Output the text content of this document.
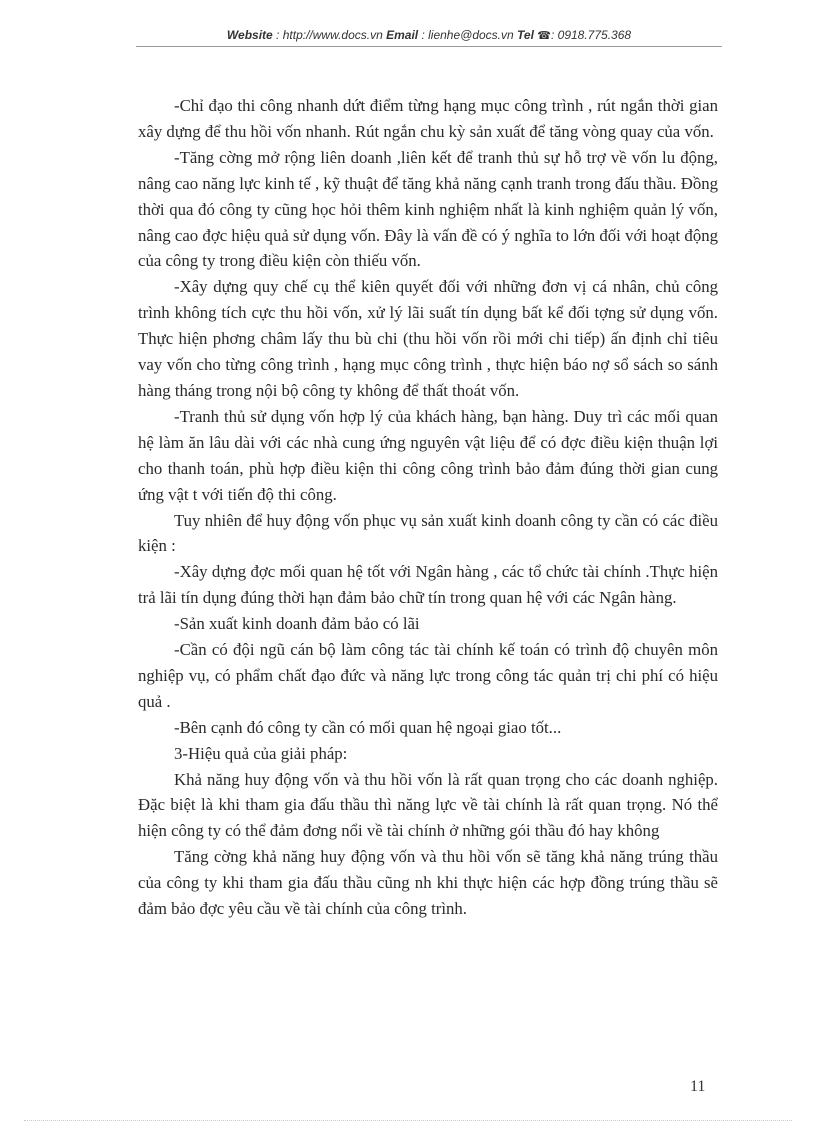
Website : http://www.docs.vn Email : lienhe@docs.vn Tel ☎: 0918.775.368

-Chỉ đạo thi công nhanh dứt điểm từng hạng mục công trình , rút ngắn thời gian xây dựng để thu hồi vốn nhanh. Rút ngắn chu kỳ sản xuất để tăng vòng quay của vốn.

-Tăng cờng mở rộng liên doanh ,liên kết để tranh thủ sự hỗ trợ về vốn lu động, nâng cao năng lực kinh tế , kỹ thuật để tăng khả năng cạnh tranh trong đấu thầu. Đồng thời qua đó công ty cũng học hỏi thêm kinh nghiệm nhất là kinh nghiệm quản lý vốn, nâng cao đợc hiệu quả sử dụng vốn. Đây là vấn đề có ý nghĩa to lớn đối với hoạt động của công ty trong điều kiện còn thiếu vốn.

-Xây dựng quy chế cụ thể kiên quyết đối với những đơn vị cá nhân, chủ công trình không tích cực thu hồi vốn, xử lý lãi suất tín dụng bất kể đối tợng sử dụng vốn. Thực hiện phơng châm lấy thu bù chi (thu hồi vốn rồi mới chi tiếp) ấn định chỉ tiêu vay vốn cho từng công trình , hạng mục công trình , thực hiện báo nợ sổ sách so sánh hàng tháng trong nội bộ công ty không để thất thoát vốn.

-Tranh thủ sử dụng vốn hợp lý của khách hàng, bạn hàng. Duy trì các mối quan hệ làm ăn lâu dài với các nhà cung ứng nguyên vật liệu để có đợc điều kiện thuận lợi cho thanh toán, phù hợp điều kiện thi công công trình bảo đảm đúng thời gian cung ứng vật t với tiến độ thi công.

Tuy nhiên để huy động vốn phục vụ sản xuất kinh doanh công ty cần có các điều kiện :

-Xây dựng đợc mối quan hệ tốt với Ngân hàng , các tổ chức tài chính .Thực hiện trả lãi tín dụng đúng thời hạn đảm bảo chữ tín trong quan hệ với các Ngân hàng.

-Sản xuất kinh doanh đảm bảo có lãi

-Cần có đội ngũ cán bộ làm công tác tài chính kế toán có trình độ chuyên môn nghiệp vụ, có phẩm chất đạo đức và năng lực trong công tác quản trị chi phí có hiệu quả .

-Bên cạnh đó công ty cần có mối quan hệ ngoại giao tốt...

3-Hiệu quả của giải pháp:

Khả năng huy động vốn và thu hồi vốn là rất quan trọng cho các doanh nghiệp. Đặc biệt là khi tham gia đấu thầu thì năng lực về tài chính là rất quan trọng. Nó thể hiện công ty có thể đảm đơng nổi về tài chính ở những gói thầu đó hay không

Tăng cờng khả năng huy động vốn và thu hồi vốn sẽ tăng khả năng trúng thầu của công ty khi tham gia đấu thầu cũng nh khi thực hiện các hợp đồng trúng thầu sẽ đảm bảo đợc yêu cầu về tài chính của công trình.

11
